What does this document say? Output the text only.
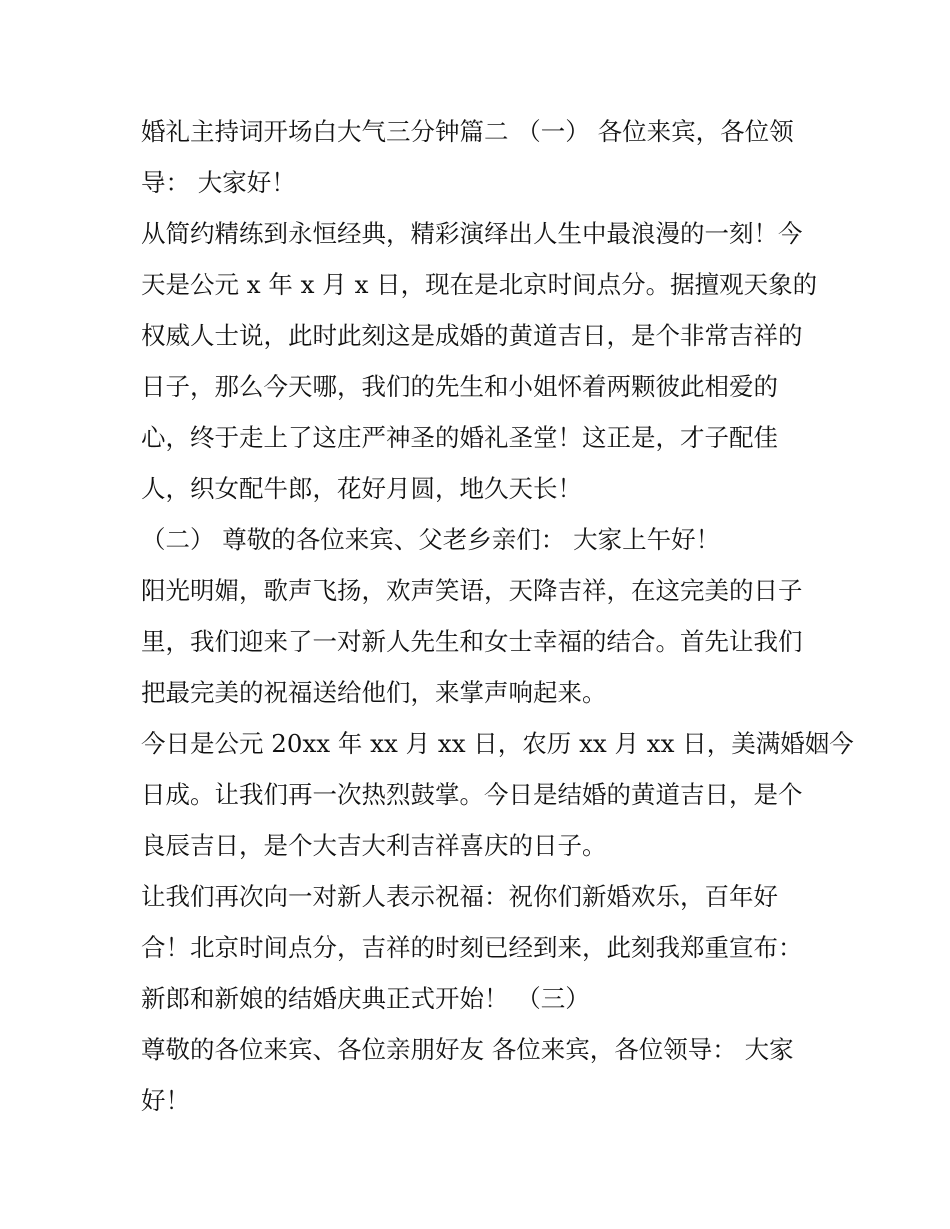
婚礼主持词开场白大气三分钟篇二 （一） 各位来宾，各位领
导： 大家好！

从简约精练到永恒经典，精彩演绎出人生中最浪漫的一刻！今
天是公元 x 年 x 月 x 日，现在是北京时间点分。据擅观天象的
权威人士说，此时此刻这是成婚的黄道吉日，是个非常吉祥的
日子，那么今天哪，我们的先生和小姐怀着两颗彼此相爱的
心，终于走上了这庄严神圣的婚礼圣堂！这正是，才子配佳
人，织女配牛郎，花好月圆，地久天长！

（二） 尊敬的各位来宾、父老乡亲们： 大家上午好！

阳光明媚，歌声飞扬，欢声笑语，天降吉祥，在这完美的日子
里，我们迎来了一对新人先生和女士幸福的结合。首先让我们
把最完美的祝福送给他们，来掌声响起来。

今日是公元 20xx 年 xx 月 xx 日，农历 xx 月 xx 日，美满婚姻今
日成。让我们再一次热烈鼓掌。今日是结婚的黄道吉日，是个
良辰吉日，是个大吉大利吉祥喜庆的日子。

让我们再次向一对新人表示祝福：祝你们新婚欢乐，百年好
合！北京时间点分，吉祥的时刻已经到来，此刻我郑重宣布：
新郎和新娘的结婚庆典正式开始！ （三）

尊敬的各位来宾、各位亲朋好友 各位来宾，各位领导： 大家
好！
